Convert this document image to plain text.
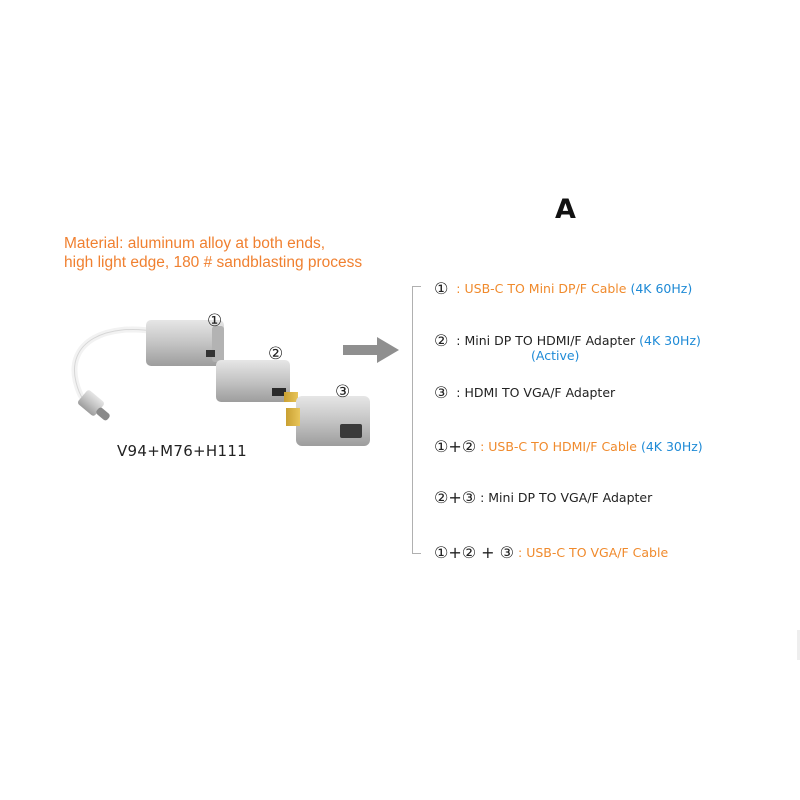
A
Material: aluminum alloy at both ends,
high light edge, 180 # sandblasting process
①
②
③
V94+M76+H111
①  : USB-C TO Mini DP/F Cable (4K 60Hz)
②  : Mini DP TO HDMI/F Adapter (4K 30Hz)
(Active)
③  : HDMI TO VGA/F Adapter
①+② : USB-C TO HDMI/F Cable (4K 30Hz)
②+③ : Mini DP TO VGA/F Adapter
①+② + ③ : USB-C TO VGA/F Cable
